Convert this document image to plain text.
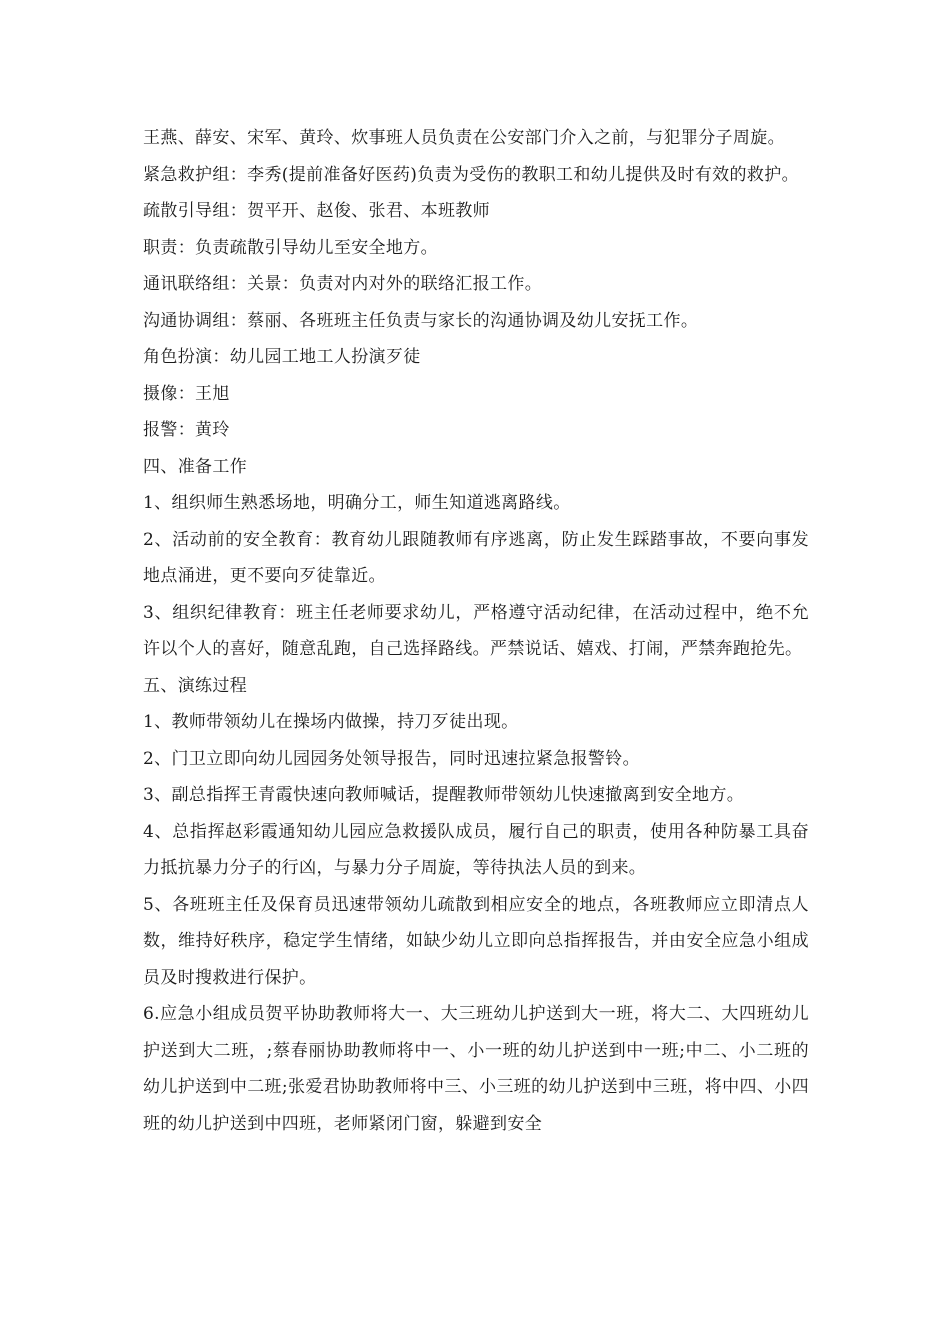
王燕、薛安、宋军、黄玲、炊事班人员负责在公安部门介入之前，与犯罪分子周旋。

紧急救护组：李秀(提前准备好医药)负责为受伤的教职工和幼儿提供及时有效的救护。

疏散引导组：贺平开、赵俊、张君、本班教师

职责：负责疏散引导幼儿至安全地方。

通讯联络组：关景：负责对内对外的联络汇报工作。

沟通协调组：蔡丽、各班班主任负责与家长的沟通协调及幼儿安抚工作。

角色扮演：幼儿园工地工人扮演歹徒

摄像：王旭

报警：黄玲

四、准备工作

1、组织师生熟悉场地，明确分工，师生知道逃离路线。

2、活动前的安全教育：教育幼儿跟随教师有序逃离，防止发生踩踏事故，不要向事发地点涌进，更不要向歹徒靠近。

3、组织纪律教育：班主任老师要求幼儿，严格遵守活动纪律，在活动过程中，绝不允许以个人的喜好，随意乱跑，自己选择路线。严禁说话、嬉戏、打闹，严禁奔跑抢先。

五、演练过程

1、教师带领幼儿在操场内做操，持刀歹徒出现。

2、门卫立即向幼儿园园务处领导报告，同时迅速拉紧急报警铃。

3、副总指挥王青霞快速向教师喊话，提醒教师带领幼儿快速撤离到安全地方。

4、总指挥赵彩霞通知幼儿园应急救援队成员，履行自己的职责，使用各种防暴工具奋力抵抗暴力分子的行凶，与暴力分子周旋，等待执法人员的到来。

5、各班班主任及保育员迅速带领幼儿疏散到相应安全的地点，各班教师应立即清点人数，维持好秩序，稳定学生情绪，如缺少幼儿立即向总指挥报告，并由安全应急小组成员及时搜救进行保护。

6.应急小组成员贺平协助教师将大一、大三班幼儿护送到大一班，将大二、大四班幼儿护送到大二班，;蔡春丽协助教师将中一、小一班的幼儿护送到中一班;中二、小二班的幼儿护送到中二班;张爱君协助教师将中三、小三班的幼儿护送到中三班，将中四、小四班的幼儿护送到中四班，老师紧闭门窗，躲避到安全
